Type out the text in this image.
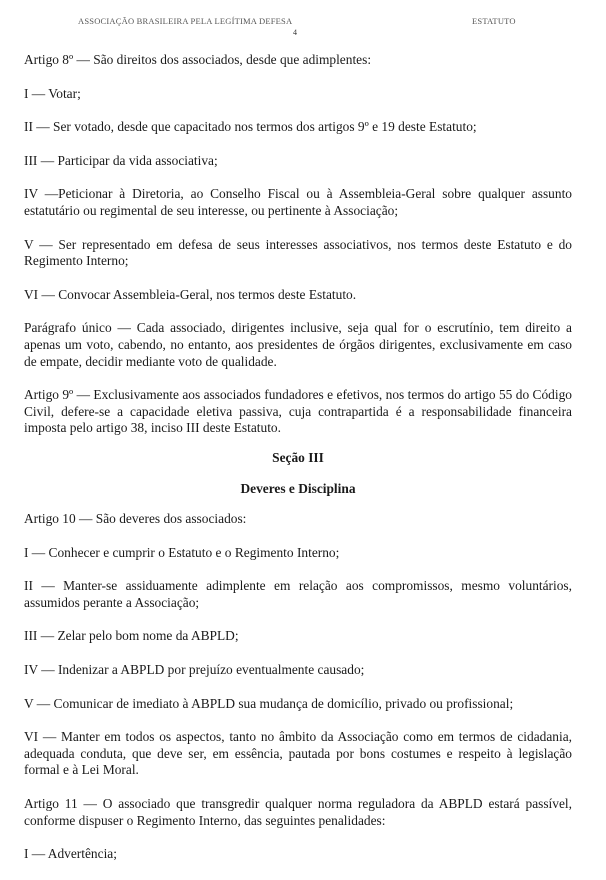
ASSOCIAÇÃO BRASILEIRA PELA LEGÍTIMA DEFESA	ESTATUTO
4

Artigo 8º — São direitos dos associados, desde que adimplentes:

I — Votar;

II — Ser votado, desde que capacitado nos termos dos artigos 9º e 19 deste Estatuto;

III — Participar da vida associativa;

IV —Peticionar à Diretoria, ao Conselho Fiscal ou à Assembleia-Geral sobre qualquer assunto estatutário ou regimental de seu interesse, ou pertinente à Associação;

V — Ser representado em defesa de seus interesses associativos, nos termos deste Estatuto e do Regimento Interno;

VI — Convocar Assembleia-Geral, nos termos deste Estatuto.

Parágrafo único — Cada associado, dirigentes inclusive, seja qual for o escrutínio, tem direito a apenas um voto, cabendo, no entanto, aos presidentes de órgãos dirigentes, exclusivamente em caso de empate, decidir mediante voto de qualidade.

Artigo 9º — Exclusivamente aos associados fundadores e efetivos, nos termos do artigo 55 do Código Civil, defere-se a capacidade eletiva passiva, cuja contrapartida é a responsabilidade financeira imposta pelo artigo 38, inciso III deste Estatuto.

Seção III
Deveres e Disciplina

Artigo 10 — São deveres dos associados:

I — Conhecer e cumprir o Estatuto e o Regimento Interno;

II — Manter-se assiduamente adimplente em relação aos compromissos, mesmo voluntários, assumidos perante a Associação;

III — Zelar pelo bom nome da ABPLD;

IV — Indenizar a ABPLD por prejuízo eventualmente causado;

V — Comunicar de imediato à ABPLD sua mudança de domicílio, privado ou profissional;

VI — Manter em todos os aspectos, tanto no âmbito da Associação como em termos de cidadania, adequada conduta, que deve ser, em essência, pautada por bons costumes e respeito à legislação formal e à Lei Moral.

Artigo 11 — O associado que transgredir qualquer norma reguladora da ABPLD estará passível, conforme dispuser o Regimento Interno, das seguintes penalidades:

I — Advertência;
